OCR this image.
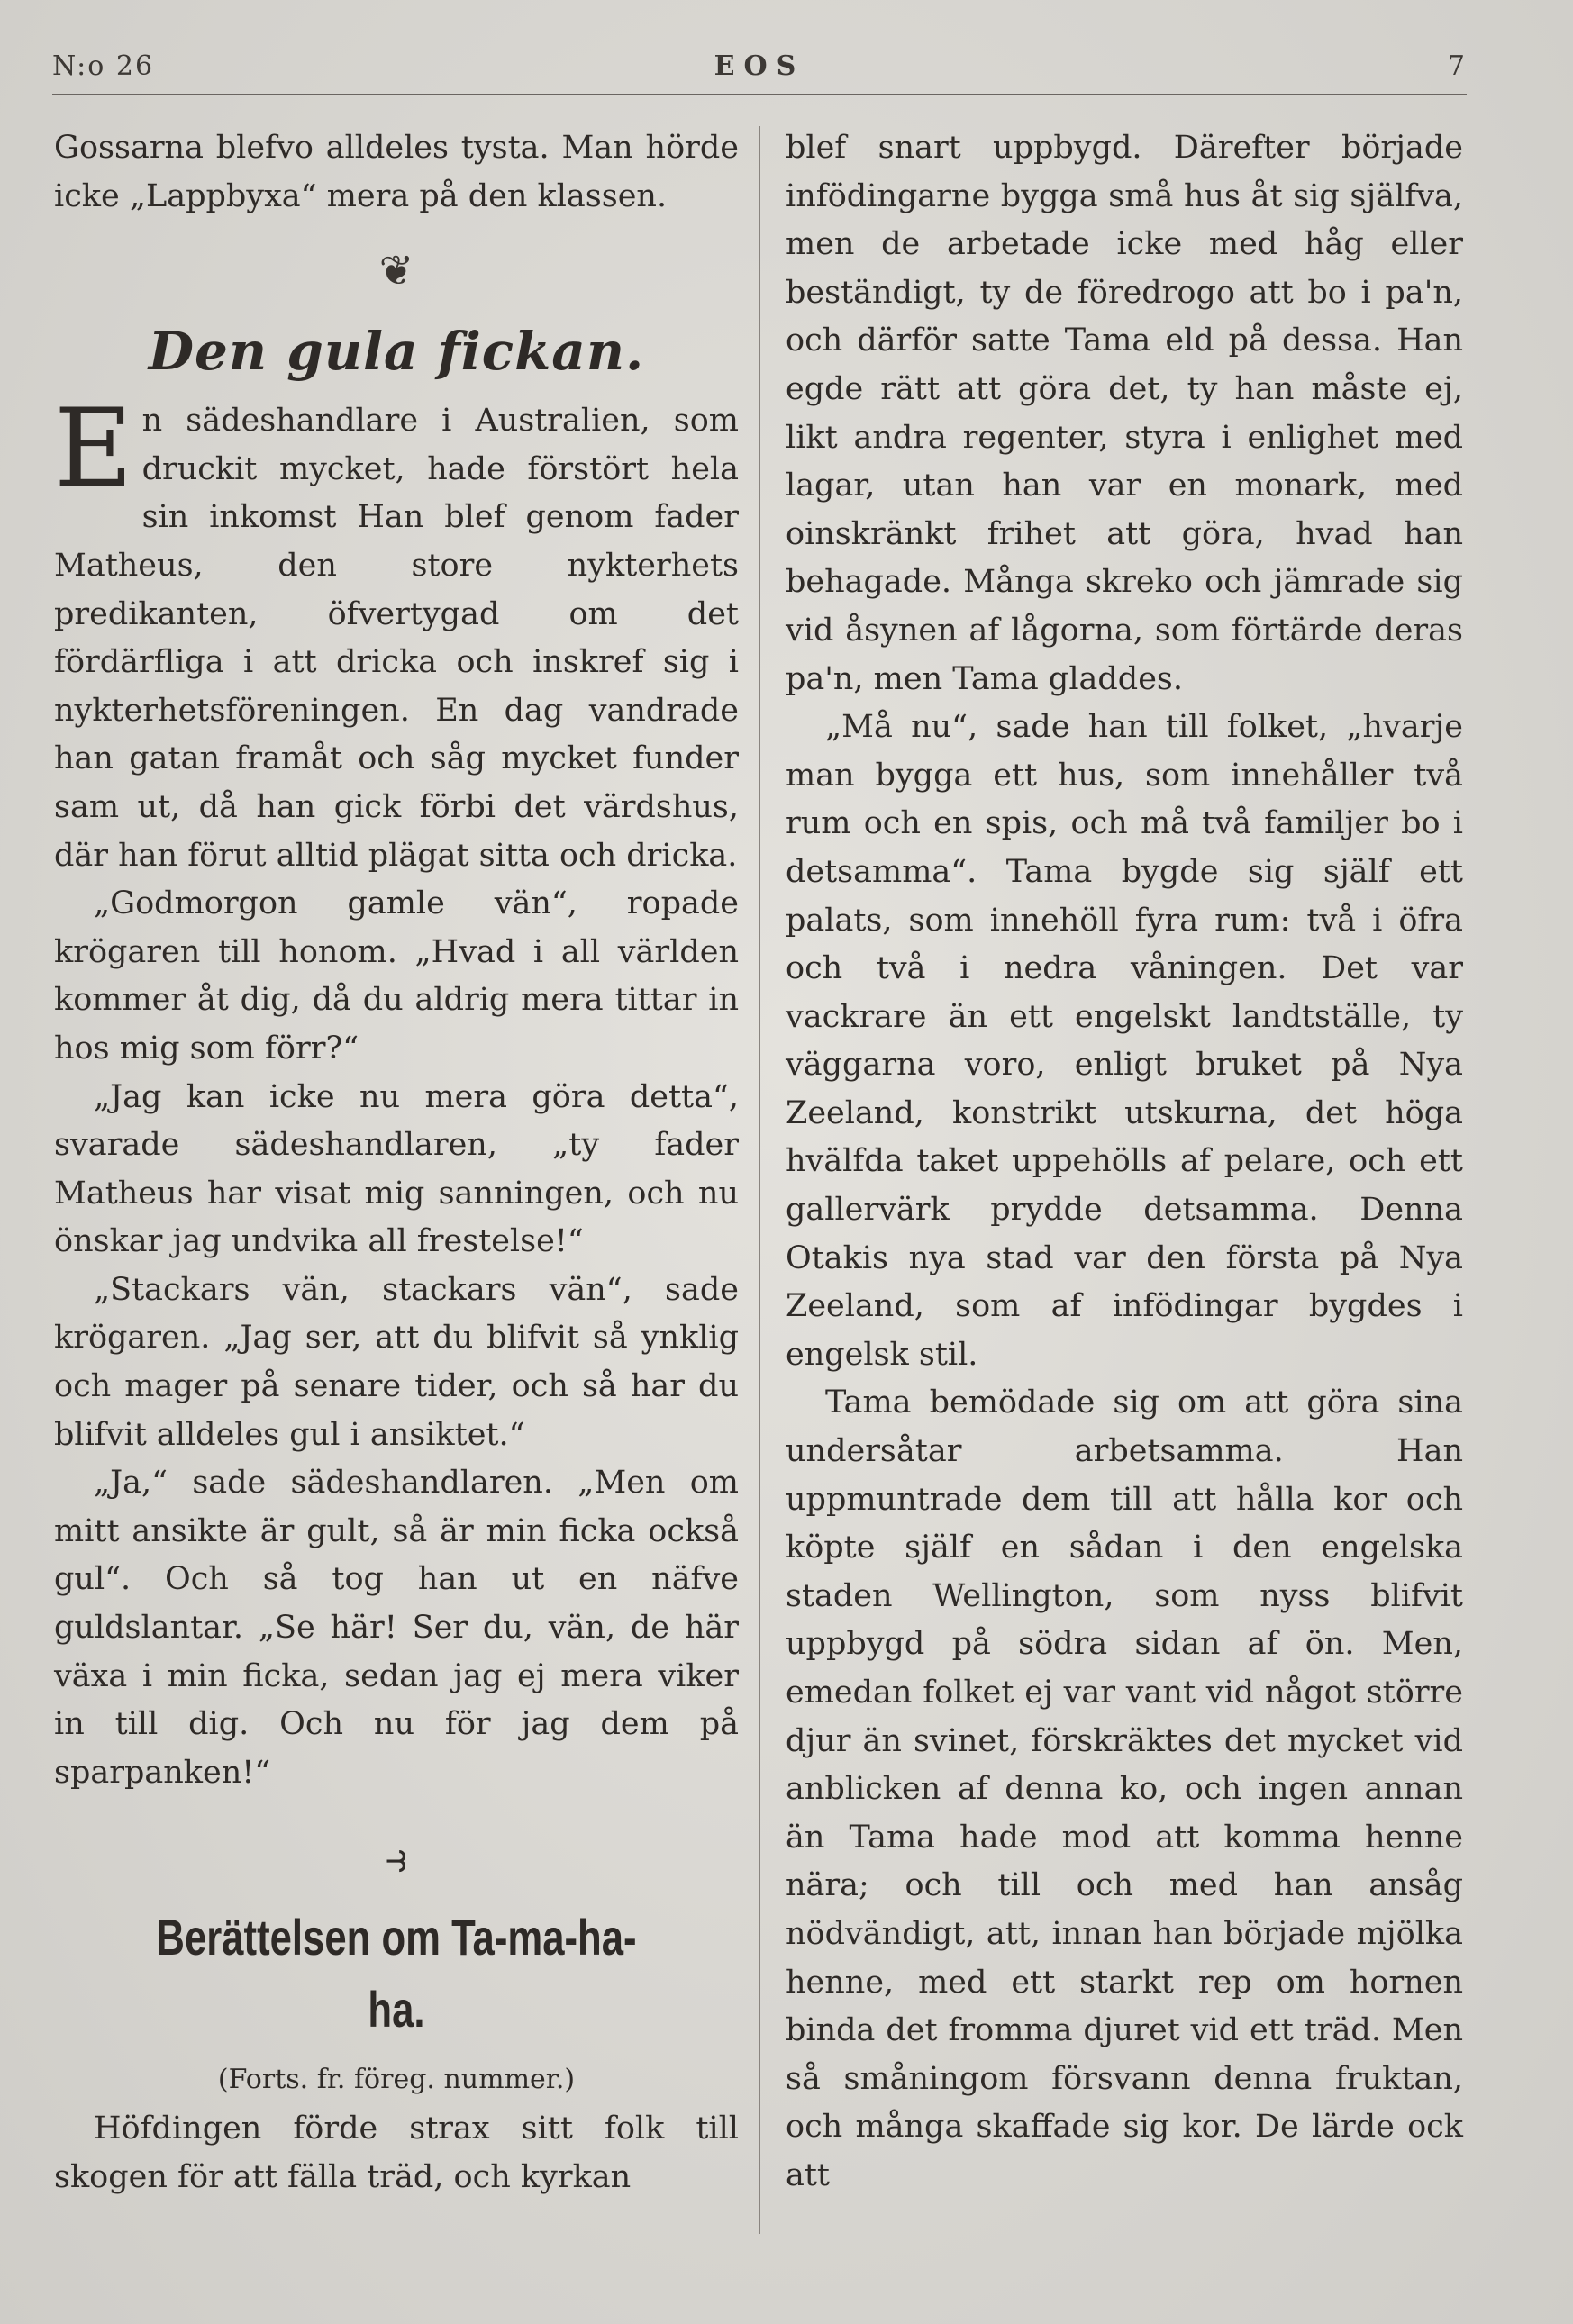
N:o 26	EOS	7

Gossarna blefvo alldeles tysta. Man hörde icke „Lappbyxa“ mera på den klassen.

❦
Den gula fickan.

En sädeshandlare i Australien, som druckit mycket, hade förstört hela sin inkomst Han blef genom fader Matheus, den store nykterhets predikanten, öfvertygad om det fördärfliga i att dricka och inskref sig i nykterhetsföreningen. En dag vandrade han gatan framåt och såg mycket funder sam ut, då han gick förbi det värdshus, där han förut alltid plägat sitta och dricka.

„Godmorgon gamle vän“, ropade krögaren till honom. „Hvad i all världen kommer åt dig, då du aldrig mera tittar in hos mig som förr?“

„Jag kan icke nu mera göra detta“, svarade sädeshandlaren, „ty fader Matheus har visat mig sanningen, och nu önskar jag undvika all frestelse!“

„Stackars vän, stackars vän“, sade krögaren. „Jag ser, att du blifvit så ynklig och mager på senare tider, och så har du blifvit alldeles gul i ansiktet.“

„Ja,“ sade sädeshandlaren. „Men om mitt ansikte är gult, så är min ficka också gul“. Och så tog han ut en näfve guldslantar. „Se här! Ser du, vän, de här växa i min ficka, sedan jag ej mera viker in till dig. Och nu för jag dem på sparpanken!“

⥽
Berättelsen om Ta-ma-ha-ha.
(Forts. fr. föreg. nummer.)

Höfdingen förde strax sitt folk till skogen för att fälla träd, och kyrkan

blef snart uppbygd. Därefter började infödingarne bygga små hus åt sig själfva, men de arbetade icke med håg eller beständigt, ty de föredrogo att bo i pa'n, och därför satte Tama eld på dessa. Han egde rätt att göra det, ty han måste ej, likt andra regenter, styra i enlighet med lagar, utan han var en monark, med oinskränkt frihet att göra, hvad han behagade. Många skreko och jämrade sig vid åsynen af lågorna, som förtärde deras pa'n, men Tama gladdes.

„Må nu“, sade han till folket, „hvarje man bygga ett hus, som innehåller två rum och en spis, och må två familjer bo i detsamma“. Tama bygde sig själf ett palats, som innehöll fyra rum: två i öfra och två i nedra våningen. Det var vackrare än ett engelskt landtställe, ty väggarna voro, enligt bruket på Nya Zeeland, konstrikt utskurna, det höga hvälfda taket uppehölls af pelare, och ett gallervärk prydde detsamma. Denna Otakis nya stad var den första på Nya Zeeland, som af infödingar bygdes i engelsk stil.

Tama bemödade sig om att göra sina undersåtar arbetsamma. Han uppmuntrade dem till att hålla kor och köpte själf en sådan i den engelska staden Wellington, som nyss blifvit uppbygd på södra sidan af ön. Men, emedan folket ej var vant vid något större djur än svinet, förskräktes det mycket vid anblicken af denna ko, och ingen annan än Tama hade mod att komma henne nära; och till och med han ansåg nödvändigt, att, innan han började mjölka henne, med ett starkt rep om hornen binda det fromma djuret vid ett träd. Men så småningom försvann denna fruktan, och många skaffade sig kor. De lärde ock att
